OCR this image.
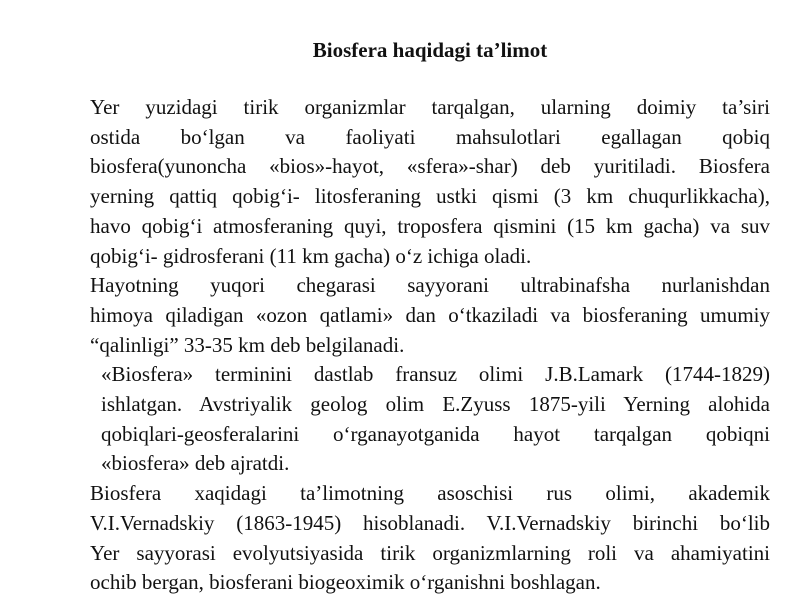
Biosfera haqidagi ta’limot

Yer yuzidagi tirik organizmlar tarqalgan, ularning doimiy ta’siri
ostida bo‘lgan va faoliyati mahsulotlari egallagan qobiq
biosfera(yunoncha «bios»-hayot, «sfera»-shar) deb yuritiladi. Biosfera
yerning qattiq qobig‘i- litosferaning ustki qismi (3 km chuqurlikkacha),
havo qobig‘i atmosferaning quyi, troposfera qismini (15 km gacha) va suv
qobig‘i- gidrosferani (11 km gacha) o‘z ichiga oladi.

Hayotning yuqori chegarasi sayyorani ultrabinafsha nurlanishdan
himoya qiladigan «ozon qatlami» dan o‘tkaziladi va biosferaning umumiy
“qalinligi” 33-35 km deb belgilanadi.

«Biosfera» terminini dastlab fransuz olimi J.B.Lamark (1744-1829)
ishlatgan. Avstriyalik geolog olim E.Zyuss 1875-yili Yerning alohida
qobiqlari-geosferalarini o‘rganayotganida hayot tarqalgan qobiqni
«biosfera» deb ajratdi.

Biosfera xaqidagi ta’limotning asoschisi rus olimi, akademik
V.I.Vernadskiy (1863-1945) hisoblanadi. V.I.Vernadskiy birinchi bo‘lib
Yer sayyorasi evolyutsiyasida tirik organizmlarning roli va ahamiyatini
ochib bergan, biosferani biogeoximik o‘rganishni boshlagan.
